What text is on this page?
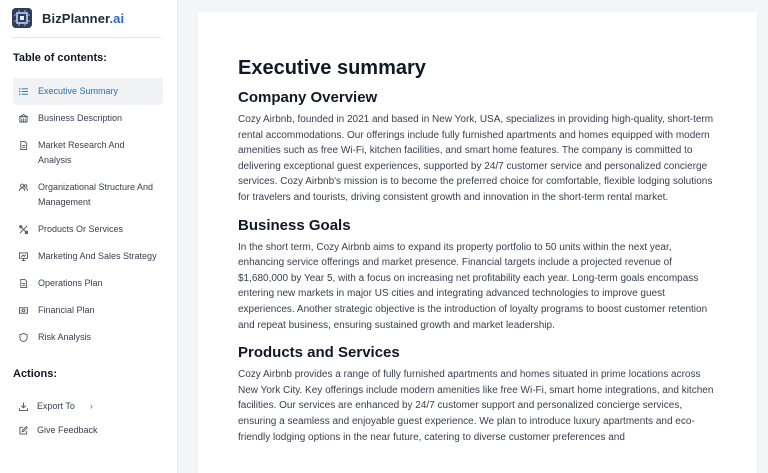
BizPlanner.ai
Table of contents:
Executive Summary
Business Description
Market Research And Analysis
Organizational Structure And Management
Products Or Services
Marketing And Sales Strategy
Operations Plan
Financial Plan
Risk Analysis
Actions:
Export To ›
Give Feedback
Executive summary
Company Overview

Cozy Airbnb, founded in 2021 and based in New York, USA, specializes in providing high-quality, short-term rental accommodations. Our offerings include fully furnished apartments and homes equipped with modern amenities such as free Wi-Fi, kitchen facilities, and smart home features. The company is committed to delivering exceptional guest experiences, supported by 24/7 customer service and personalized concierge services. Cozy Airbnb's mission is to become the preferred choice for comfortable, flexible lodging solutions for travelers and tourists, driving consistent growth and innovation in the short-term rental market.

Business Goals

In the short term, Cozy Airbnb aims to expand its property portfolio to 50 units within the next year, enhancing service offerings and market presence. Financial targets include a projected revenue of $1,680,000 by Year 5, with a focus on increasing net profitability each year. Long-term goals encompass entering new markets in major US cities and integrating advanced technologies to improve guest experiences. Another strategic objective is the introduction of loyalty programs to boost customer retention and repeat business, ensuring sustained growth and market leadership.

Products and Services

Cozy Airbnb provides a range of fully furnished apartments and homes situated in prime locations across New York City. Key offerings include modern amenities like free Wi-Fi, smart home integrations, and kitchen facilities. Our services are enhanced by 24/7 customer support and personalized concierge services, ensuring a seamless and enjoyable guest experience. We plan to introduce luxury apartments and eco-friendly lodging options in the near future, catering to diverse customer preferences and
